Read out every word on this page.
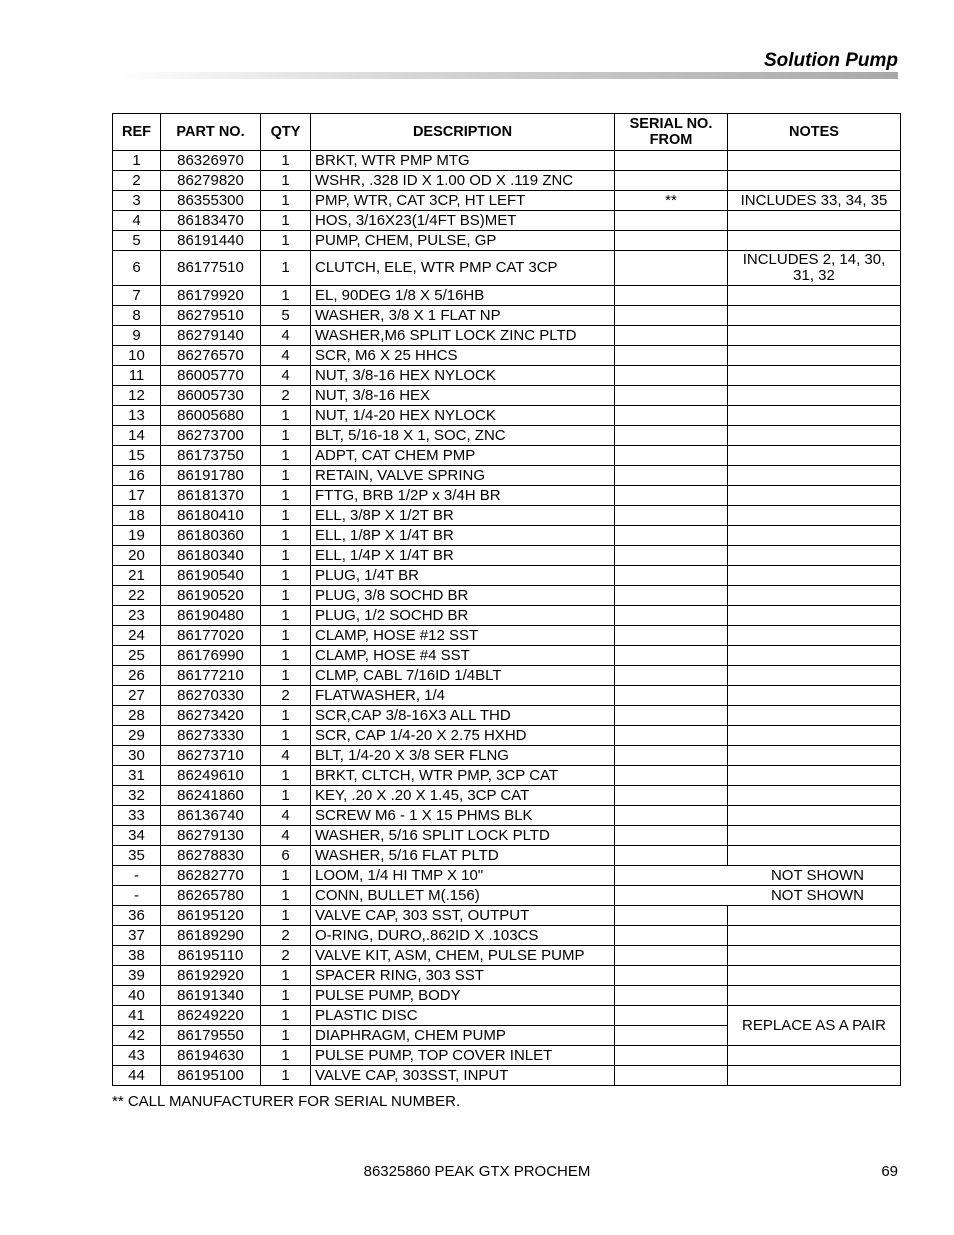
Solution Pump
REF	PART NO.	QTY	DESCRIPTION	SERIAL NO. FROM	NOTES
1	86326970	1	BRKT, WTR PMP MTG		
2	86279820	1	WSHR, .328 ID X 1.00 OD X .119 ZNC		
3	86355300	1	PMP, WTR, CAT 3CP, HT LEFT	**	INCLUDES 33, 34, 35
4	86183470	1	HOS, 3/16X23(1/4FT BS)MET		
5	86191440	1	PUMP, CHEM, PULSE, GP		
6	86177510	1	CLUTCH, ELE, WTR PMP CAT 3CP		INCLUDES 2, 14, 30, 31, 32
7	86179920	1	EL, 90DEG 1/8 X 5/16HB		
8	86279510	5	WASHER, 3/8 X 1 FLAT NP		
9	86279140	4	WASHER,M6 SPLIT LOCK ZINC PLTD		
10	86276570	4	SCR, M6 X 25 HHCS		
11	86005770	4	NUT, 3/8-16 HEX NYLOCK		
12	86005730	2	NUT, 3/8-16 HEX		
13	86005680	1	NUT, 1/4-20 HEX NYLOCK		
14	86273700	1	BLT, 5/16-18 X 1, SOC, ZNC		
15	86173750	1	ADPT, CAT CHEM PMP		
16	86191780	1	RETAIN, VALVE SPRING		
17	86181370	1	FTTG, BRB 1/2P x 3/4H BR		
18	86180410	1	ELL, 3/8P X 1/2T BR		
19	86180360	1	ELL, 1/8P X 1/4T BR		
20	86180340	1	ELL, 1/4P X 1/4T BR		
21	86190540	1	PLUG, 1/4T BR		
22	86190520	1	PLUG, 3/8 SOCHD BR		
23	86190480	1	PLUG, 1/2 SOCHD BR		
24	86177020	1	CLAMP, HOSE #12 SST		
25	86176990	1	CLAMP, HOSE #4 SST		
26	86177210	1	CLMP, CABL 7/16ID 1/4BLT		
27	86270330	2	FLATWASHER, 1/4		
28	86273420	1	SCR,CAP 3/8-16X3 ALL THD		
29	86273330	1	SCR, CAP 1/4-20 X 2.75 HXHD		
30	86273710	4	BLT, 1/4-20 X 3/8 SER FLNG		
31	86249610	1	BRKT, CLTCH, WTR PMP, 3CP CAT		
32	86241860	1	KEY, .20 X .20 X 1.45, 3CP CAT		
33	86136740	4	SCREW M6 - 1 X 15 PHMS BLK		
34	86279130	4	WASHER, 5/16 SPLIT LOCK PLTD		
35	86278830	6	WASHER, 5/16 FLAT PLTD		
-	86282770	1	LOOM, 1/4 HI TMP X 10"	NOT SHOWN	
-	86265780	1	CONN, BULLET M(.156)	NOT SHOWN	
36	86195120	1	VALVE CAP, 303 SST, OUTPUT		
37	86189290	2	O-RING, DURO,.862ID X .103CS		
38	86195110	2	VALVE KIT, ASM, CHEM, PULSE PUMP		
39	86192920	1	SPACER RING, 303 SST		
40	86191340	1	PULSE PUMP, BODY		
41	86249220	1	PLASTIC DISC		REPLACE AS A PAIR
42	86179550	1	DIAPHRAGM, CHEM PUMP		
43	86194630	1	PULSE PUMP, TOP COVER INLET		
44	86195100	1	VALVE CAP, 303SST, INPUT		
** CALL MANUFACTURER FOR SERIAL NUMBER.
86325860 PEAK GTX PROCHEM	69
